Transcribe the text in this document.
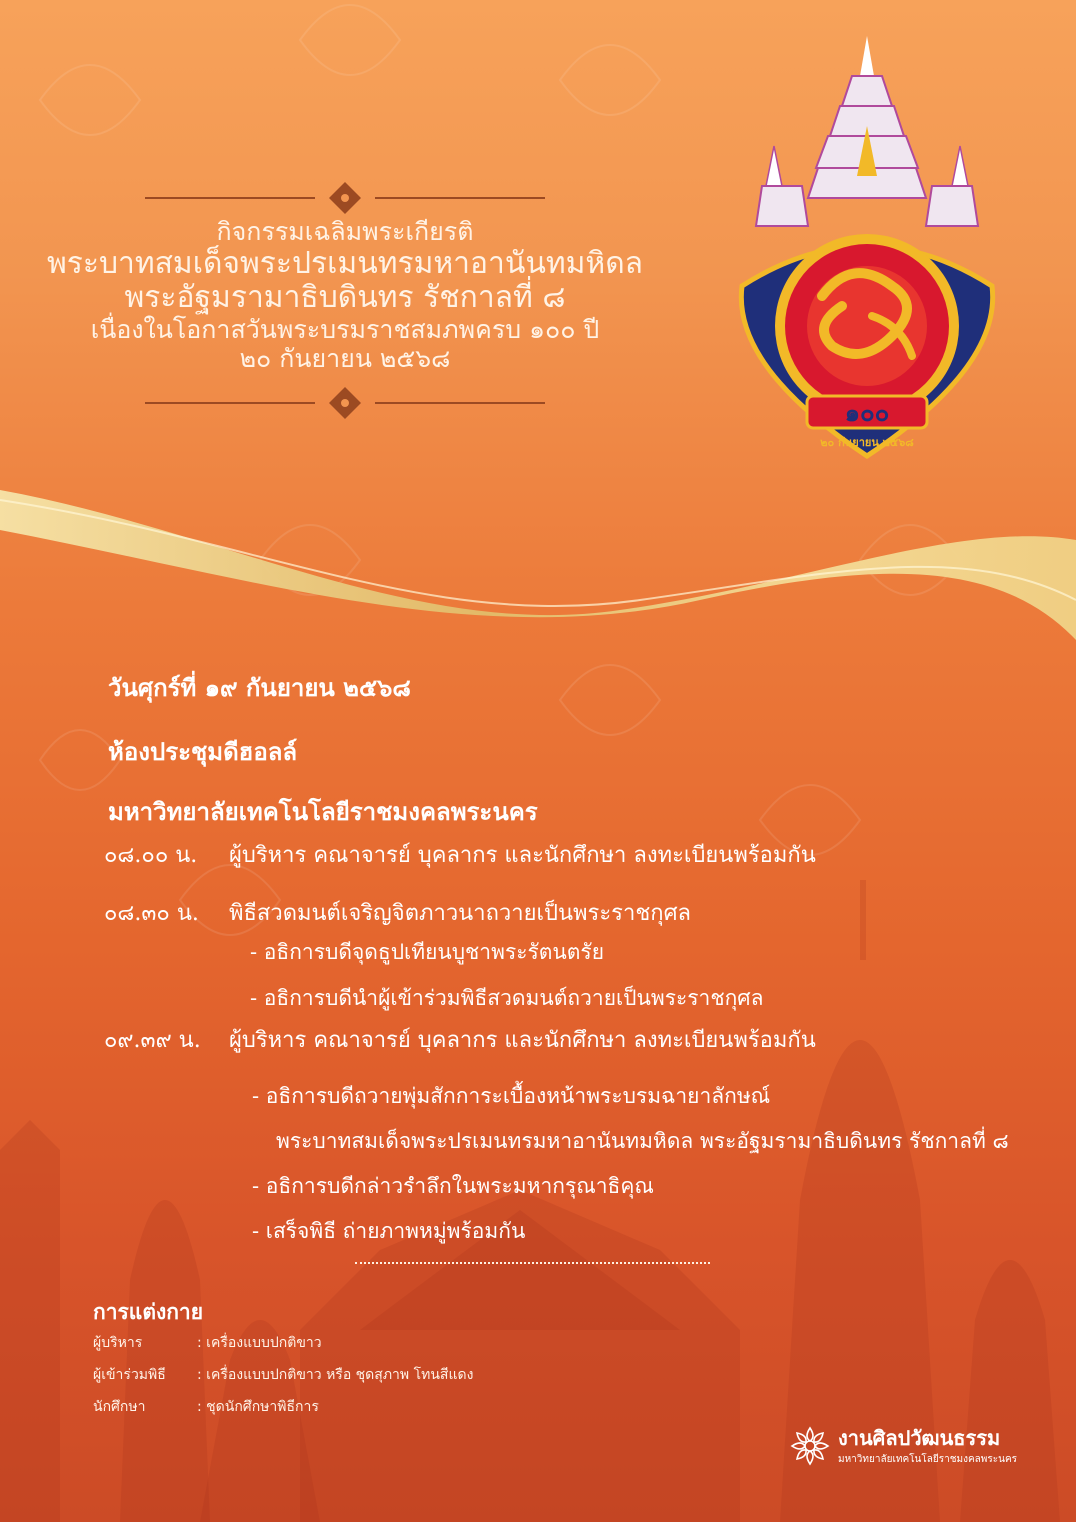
กิจกรรมเฉลิมพระเกียรติ

พระบาทสมเด็จพระปรเมนทรมหาอานันทมหิดล

พระอัฐมรามาธิบดินทร รัชกาลที่ ๘

เนื่องในโอกาสวันพระบรมราชสมภพครบ ๑๐๐ ปี

๒๐ กันยายน ๒๕๖๘

๑๐๐
๒๐ กันยายน ๒๕๖๘

วันศุกร์ที่ ๑๙ กันยายน ๒๕๖๘

ห้องประชุมดีฮอลล์

มหาวิทยาลัยเทคโนโลยีราชมงคลพระนคร

๐๘.๐๐ น. ผู้บริหาร คณาจารย์ บุคลากร และนักศึกษา ลงทะเบียนพร้อมกัน
๐๘.๓๐ น. พิธีสวดมนต์เจริญจิตภาวนาถวายเป็นพระราชกุศล
- อธิการบดีจุดธูปเทียนบูชาพระรัตนตรัย
- อธิการบดีนำผู้เข้าร่วมพิธีสวดมนต์ถวายเป็นพระราชกุศล
๐๙.๓๙ น. ผู้บริหาร คณาจารย์ บุคลากร และนักศึกษา ลงทะเบียนพร้อมกัน
- อธิการบดีถวายพุ่มสักการะเบื้องหน้าพระบรมฉายาลักษณ์
พระบาทสมเด็จพระปรเมนทรมหาอานันทมหิดล พระอัฐมรามาธิบดินทร รัชกาลที่ ๘
- อธิการบดีกล่าวรำลึกในพระมหากรุณาธิคุณ
- เสร็จพิธี ถ่ายภาพหมู่พร้อมกัน
การแต่งกาย
ผู้บริหาร	: เครื่องแบบปกติขาว
ผู้เข้าร่วมพิธี : เครื่องแบบปกติขาว หรือ ชุดสุภาพ โทนสีแดง
นักศึกษา	: ชุดนักศึกษาพิธีการ
งานศิลปวัฒนธรรม
มหาวิทยาลัยเทคโนโลยีราชมงคลพระนคร
